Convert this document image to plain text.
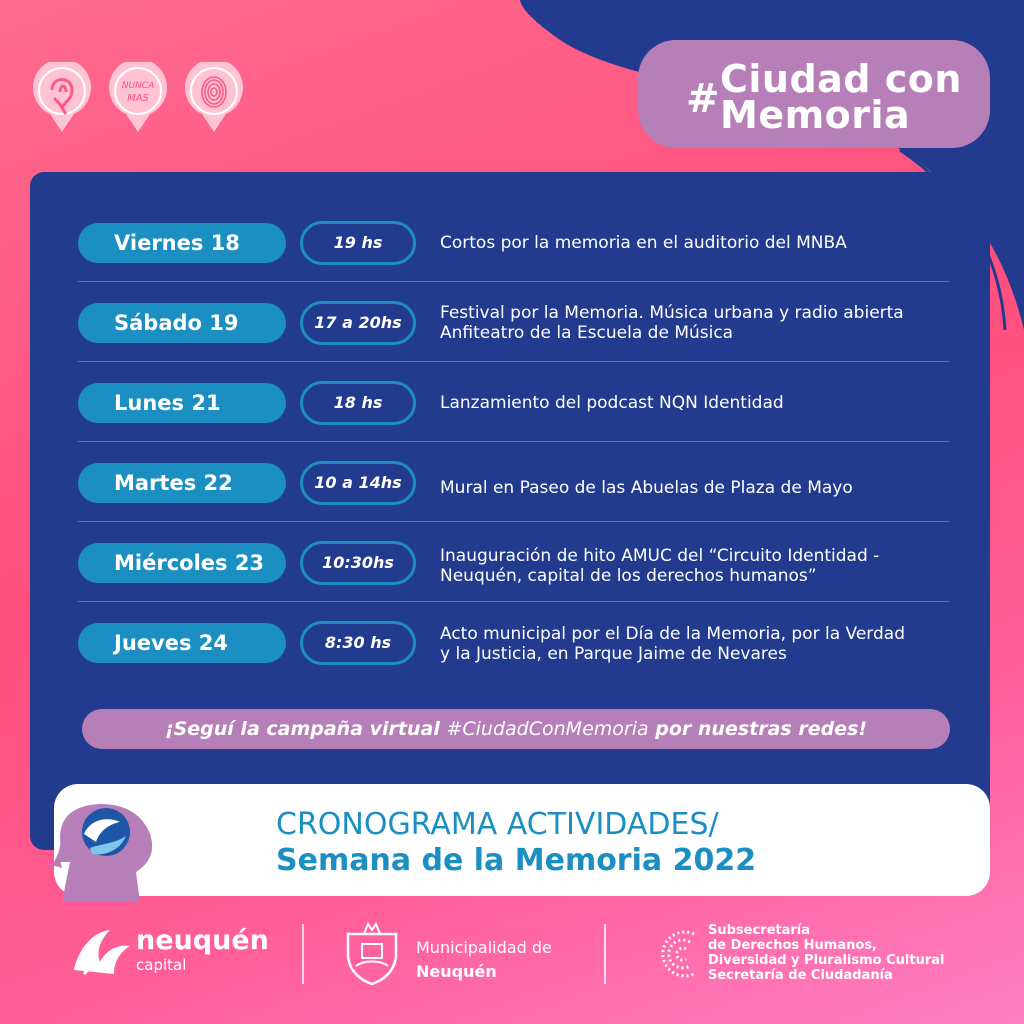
NUNCA
MAS	# Ciudad con
Memoria
Viernes 18	19 hs	Cortos por la memoria en el auditorio del MNBA
Sábado 19	17 a 20hs	Festival por la Memoria. Música urbana y radio abierta
Anfiteatro de la Escuela de Música
Lunes 21	18 hs	Lanzamiento del podcast NQN Identidad
Martes 22	10 a 14hs	Mural en Paseo de las Abuelas de Plaza de Mayo
Miércoles 23	10:30hs	Inauguración de hito AMUC del “Circuito Identidad -
Neuquén, capital de los derechos humanos”
Jueves 24	8:30 hs	Acto municipal por el Día de la Memoria, por la Verdad
y la Justicia, en Parque Jaime de Nevares
¡Seguí la campaña virtual #CiudadConMemoria por nuestras redes!
CRONOGRAMA ACTIVIDADES/
Semana de la Memoria 2022
neuquén
capital
Municipalidad de
Neuquén
Subsecretaría
de Derechos Humanos,
Diversidad y Pluralismo Cultural
Secretaría de Ciudadanía
